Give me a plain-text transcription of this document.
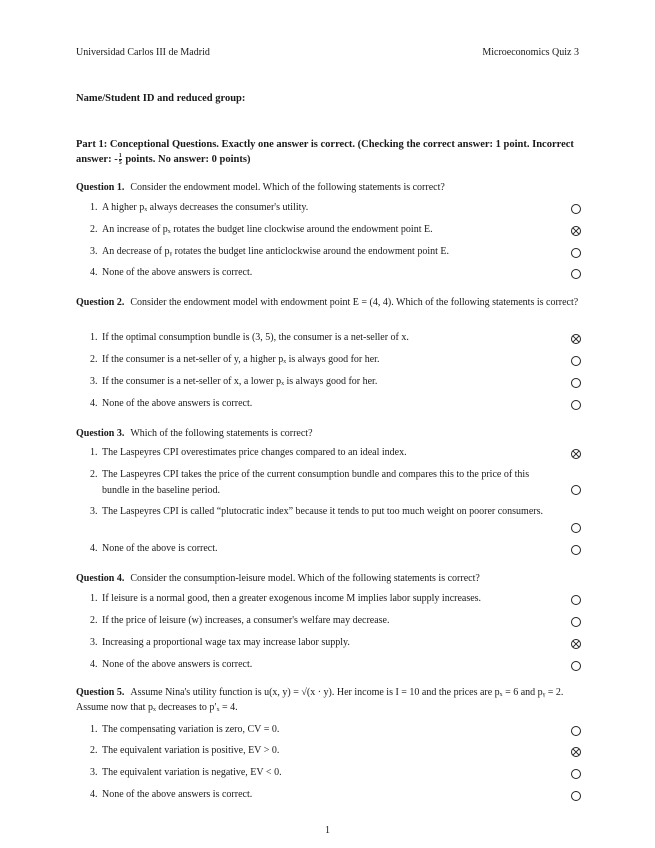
Universidad Carlos III de Madrid	Microeconomics Quiz 3
Name/Student ID and reduced group:
Part 1: Conceptional Questions. Exactly one answer is correct. (Checking the correct answer: 1 point. Incorrect answer: - $\frac{1}{5}$ points. No answer: 0 points)
Question 1. Consider the endowment model. Which of the following statements is correct?
1. A higher pₓ always decreases the consumer's utility.
2. An increase of pₓ rotates the budget line clockwise around the endowment point E.
3. An decrease of pᵧ rotates the budget line anticlockwise around the endowment point E.
4. None of the above answers is correct.
Question 2. Consider the endowment model with endowment point E = (4, 4). Which of the following statements is correct?
1. If the optimal consumption bundle is (3, 5), the consumer is a net-seller of x.
2. If the consumer is a net-seller of y, a higher pₓ is always good for her.
3. If the consumer is a net-seller of x, a lower pₓ is always good for her.
4. None of the above answers is correct.
Question 3. Which of the following statements is correct?
1. The Laspeyres CPI overestimates price changes compared to an ideal index.
2. The Laspeyres CPI takes the price of the current consumption bundle and compares this to the price of this bundle in the baseline period.
3. The Laspeyres CPI is called “plutocratic index” because it tends to put too much weight on poorer consumers.
4. None of the above is correct.
Question 4. Consider the consumption-leisure model. Which of the following statements is correct?
1. If leisure is a normal good, then a greater exogenous income M implies labor supply increases.
2. If the price of leisure (w) increases, a consumer's welfare may decrease.
3. Increasing a proportional wage tax may increase labor supply.
4. None of the above answers is correct.
Question 5. Assume Nina's utility function is u(x, y) = √(x · y). Her income is I = 10 and the prices are pₓ = 6 and pᵧ = 2. Assume now that pₓ decreases to p′ₓ = 4.
1. The compensating variation is zero, CV = 0.
2. The equivalent variation is positive, EV > 0.
3. The equivalent variation is negative, EV < 0.
4. None of the above answers is correct.
1
